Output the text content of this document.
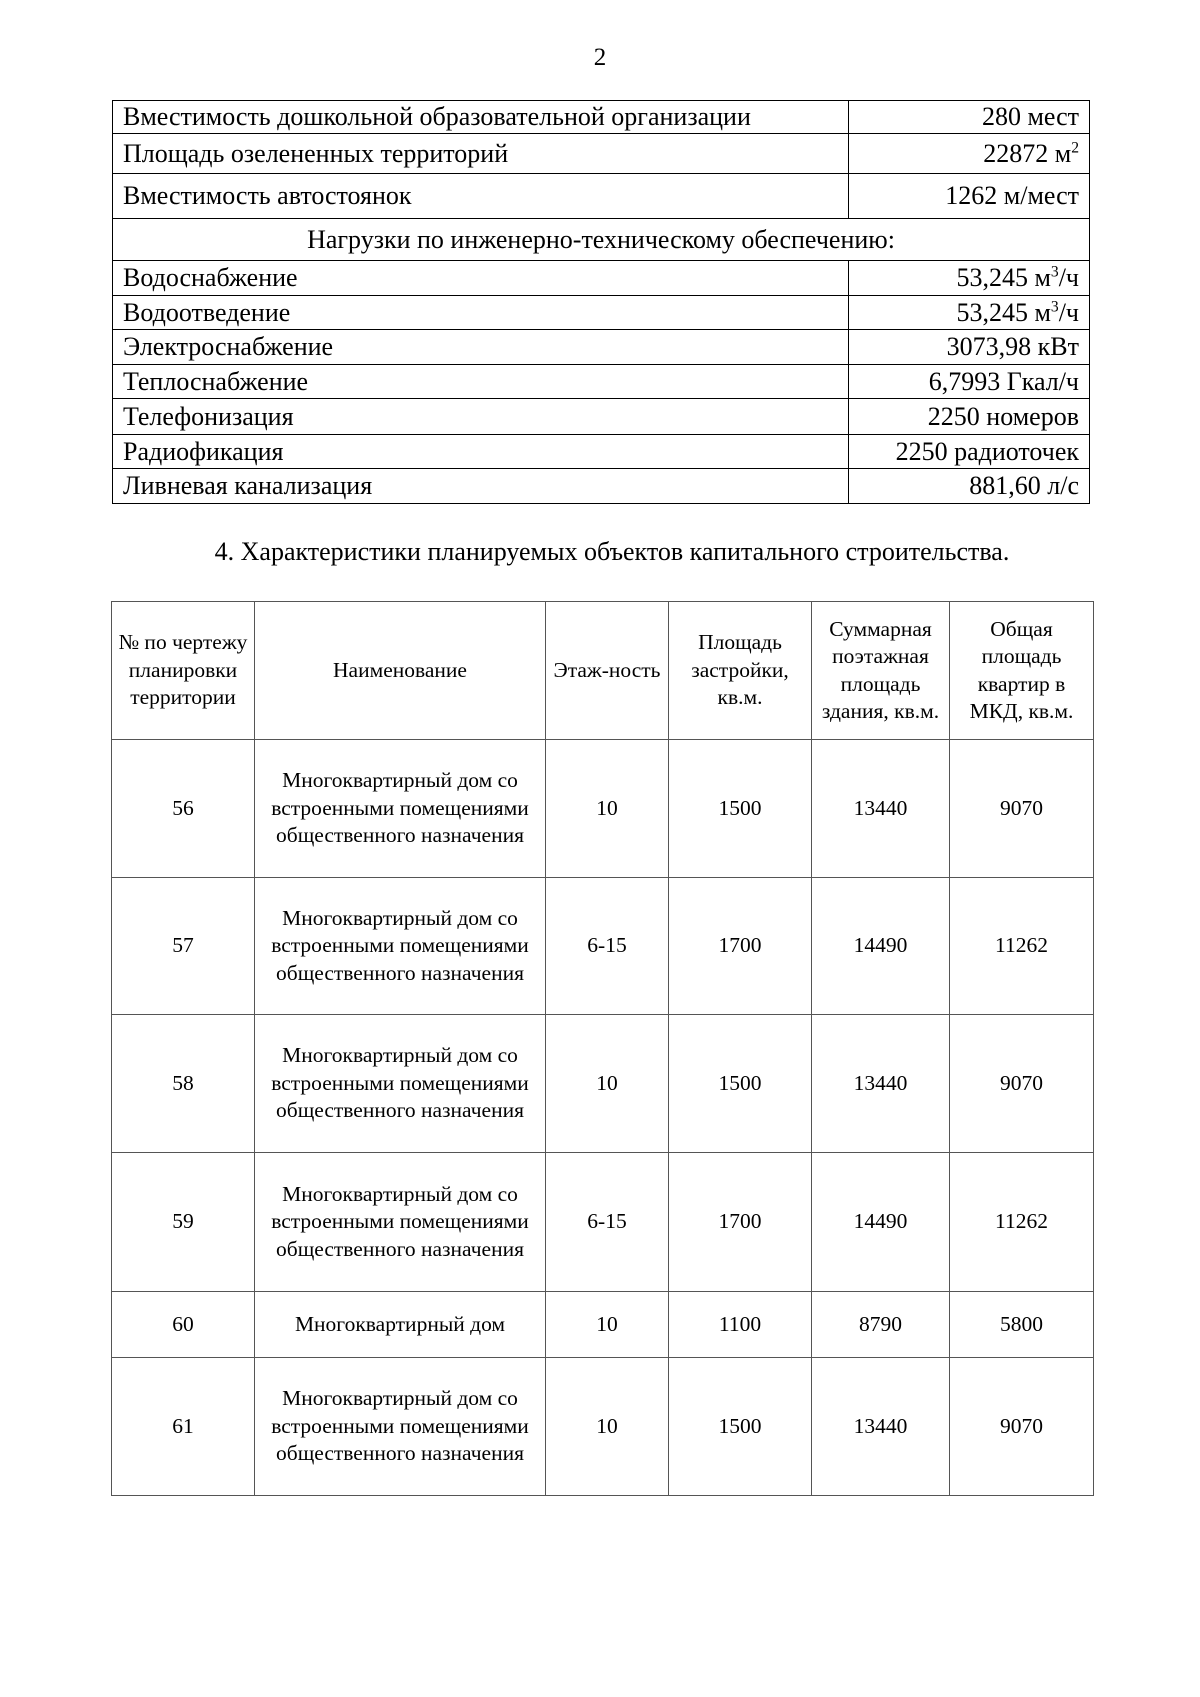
2
Вместимость дошкольной образовательной организации	280 мест
Площадь озелененных территорий	22872 $м^2$
Вместимость автостоянок	1262 м/мест
Нагрузки по инженерно-техническому обеспечению:	
Водоснабжение	53,245 $м^3/ч$
Водоотведение	53,245 $м^3/ч$
Электроснабжение	3073,98 кВт
Теплоснабжение	6,7993 Гкал/ч
Телефонизация	2250 номеров
Радиофикация	2250 радиоточек
Ливневая канализация	881,60 л/с
4. Характеристики планируемых объектов капитального строительства.
№ по чертежу планировки территории	Наименование	Этаж-ность	Площадь застройки, кв.м.	Суммарная поэтажная площадь здания, кв.м.	Общая площадь квартир в МКД, кв.м.
56	Многоквартирный дом со встроенными помещениями общественного назначения	10	1500	13440	9070
57	Многоквартирный дом со встроенными помещениями общественного назначения	6-15	1700	14490	11262
58	Многоквартирный дом со встроенными помещениями общественного назначения	10	1500	13440	9070
59	Многоквартирный дом со встроенными помещениями общественного назначения	6-15	1700	14490	11262
60	Многоквартирный дом	10	1100	8790	5800
61	Многоквартирный дом со встроенными помещениями общественного назначения	10	1500	13440	9070
